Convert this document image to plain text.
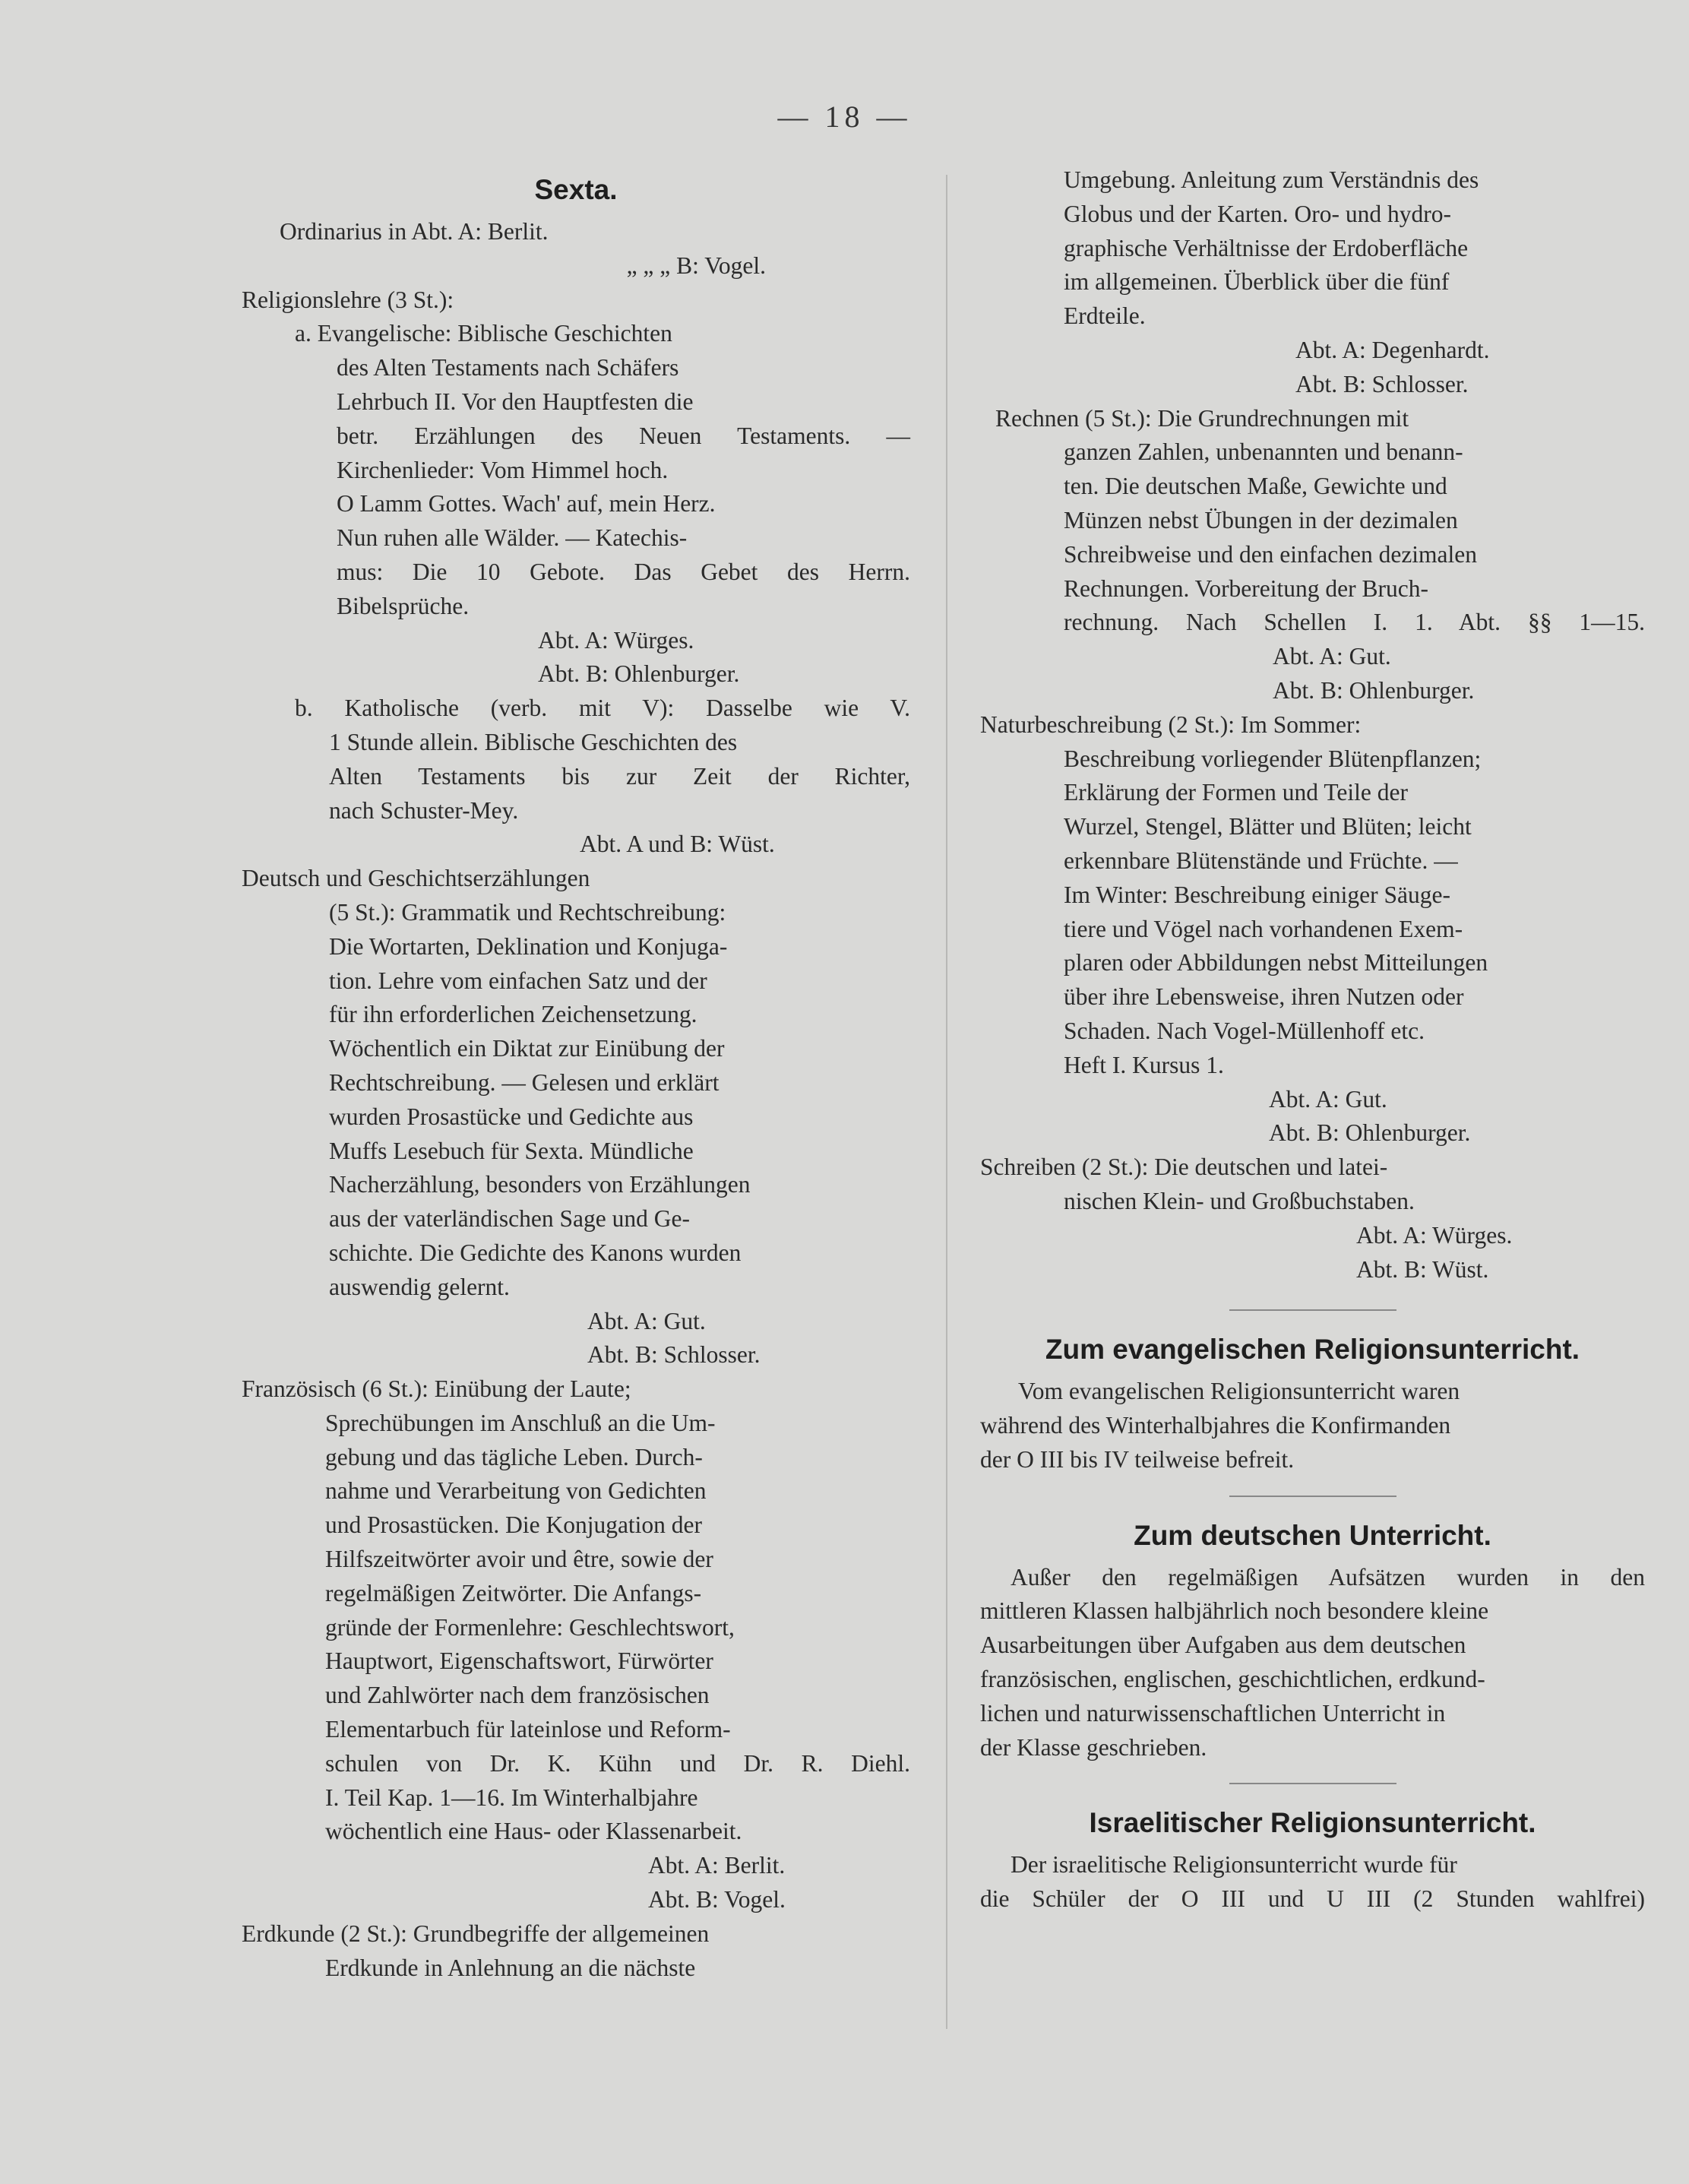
— 18 —
Sexta.
Ordinarius in Abt. A: Berlit.
„ „ „ B: Vogel.
Religionslehre (3 St.):
a. Evangelische: Biblische Geschichten
des Alten Testaments nach Schäfers
Lehrbuch II. Vor den Hauptfesten die
betr. Erzählungen des Neuen Testaments. —
Kirchenlieder: Vom Himmel hoch.
O Lamm Gottes. Wach' auf, mein Herz.
Nun ruhen alle Wälder. — Katechis-
mus: Die 10 Gebote. Das Gebet des Herrn.
Bibelsprüche.
Abt. A: Würges.
Abt. B: Ohlenburger.
b. Katholische (verb. mit V): Dasselbe wie V.
1 Stunde allein. Biblische Geschichten des
Alten Testaments bis zur Zeit der Richter,
nach Schuster-Mey.
Abt. A und B: Wüst.
Deutsch und Geschichtserzählungen
(5 St.): Grammatik und Rechtschreibung:
Die Wortarten, Deklination und Konjuga-
tion. Lehre vom einfachen Satz und der
für ihn erforderlichen Zeichensetzung.
Wöchentlich ein Diktat zur Einübung der
Rechtschreibung. — Gelesen und erklärt
wurden Prosastücke und Gedichte aus
Muffs Lesebuch für Sexta. Mündliche
Nacherzählung, besonders von Erzählungen
aus der vaterländischen Sage und Ge-
schichte. Die Gedichte des Kanons wurden
auswendig gelernt.
Abt. A: Gut.
Abt. B: Schlosser.
Französisch (6 St.): Einübung der Laute;
Sprechübungen im Anschluß an die Um-
gebung und das tägliche Leben. Durch-
nahme und Verarbeitung von Gedichten
und Prosastücken. Die Konjugation der
Hilfszeitwörter avoir und être, sowie der
regelmäßigen Zeitwörter. Die Anfangs-
gründe der Formenlehre: Geschlechtswort,
Hauptwort, Eigenschaftswort, Fürwörter
und Zahlwörter nach dem französischen
Elementarbuch für lateinlose und Reform-
schulen von Dr. K. Kühn und Dr. R. Diehl.
I. Teil Kap. 1—16. Im Winterhalbjahre
wöchentlich eine Haus- oder Klassenarbeit.
Abt. A: Berlit.
Abt. B: Vogel.
Erdkunde (2 St.): Grundbegriffe der allgemeinen
Erdkunde in Anlehnung an die nächste
Umgebung. Anleitung zum Verständnis des
Globus und der Karten. Oro- und hydro-
graphische Verhältnisse der Erdoberfläche
im allgemeinen. Überblick über die fünf
Erdteile.
Abt. A: Degenhardt.
Abt. B: Schlosser.
Rechnen (5 St.): Die Grundrechnungen mit
ganzen Zahlen, unbenannten und benann-
ten. Die deutschen Maße, Gewichte und
Münzen nebst Übungen in der dezimalen
Schreibweise und den einfachen dezimalen
Rechnungen. Vorbereitung der Bruch-
rechnung. Nach Schellen I. 1. Abt. §§ 1—15.
Abt. A: Gut.
Abt. B: Ohlenburger.
Naturbeschreibung (2 St.): Im Sommer:
Beschreibung vorliegender Blütenpflanzen;
Erklärung der Formen und Teile der
Wurzel, Stengel, Blätter und Blüten; leicht
erkennbare Blütenstände und Früchte. —
Im Winter: Beschreibung einiger Säuge-
tiere und Vögel nach vorhandenen Exem-
plaren oder Abbildungen nebst Mitteilungen
über ihre Lebensweise, ihren Nutzen oder
Schaden. Nach Vogel-Müllenhoff etc.
Heft I. Kursus 1.
Abt. A: Gut.
Abt. B: Ohlenburger.
Schreiben (2 St.): Die deutschen und latei-
nischen Klein- und Großbuchstaben.
Abt. A: Würges.
Abt. B: Wüst.
Zum evangelischen Religionsunterricht.
Vom evangelischen Religionsunterricht waren
während des Winterhalbjahres die Konfirmanden
der O III bis IV teilweise befreit.
Zum deutschen Unterricht.
Außer den regelmäßigen Aufsätzen wurden in den
mittleren Klassen halbjährlich noch besondere kleine
Ausarbeitungen über Aufgaben aus dem deutschen
französischen, englischen, geschichtlichen, erdkund-
lichen und naturwissenschaftlichen Unterricht in
der Klasse geschrieben.
Israelitischer Religionsunterricht.
Der israelitische Religionsunterricht wurde für
die Schüler der O III und U III (2 Stunden wahlfrei)
